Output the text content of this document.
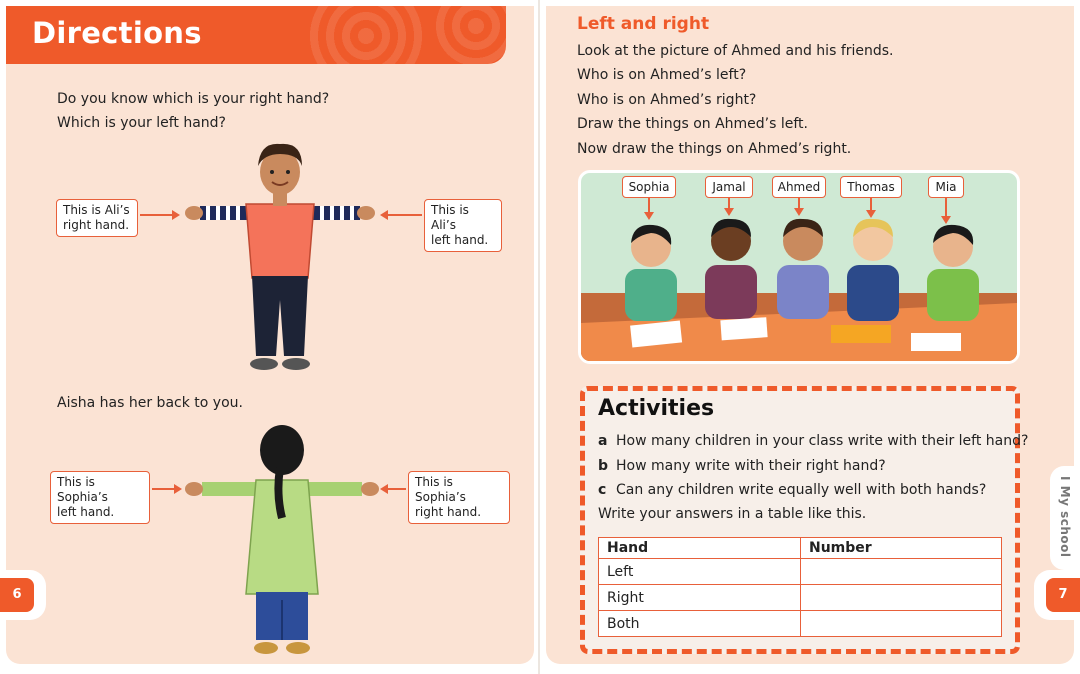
Directions
Do you know which is your right hand?
Which is your left hand?
This is Ali’s
right hand.
This is Ali’s
left hand.
Aisha has her back to you.
This is Sophia’s
left hand.
This is Sophia’s
right hand.
6	7
I My school
Left and right
Look at the picture of Ahmed and his friends.
Who is on Ahmed’s left?
Who is on Ahmed’s right?
Draw the things on Ahmed’s left.
Now draw the things on Ahmed’s right.
Sophia	Jamal	Ahmed	Thomas	Mia
Activities
a How many children in your class write with their left hand?
b How many write with their right hand?
c Can any children write equally well with both hands?
Write your answers in a table like this.
Hand	Number
Left	
Right	
Both	
